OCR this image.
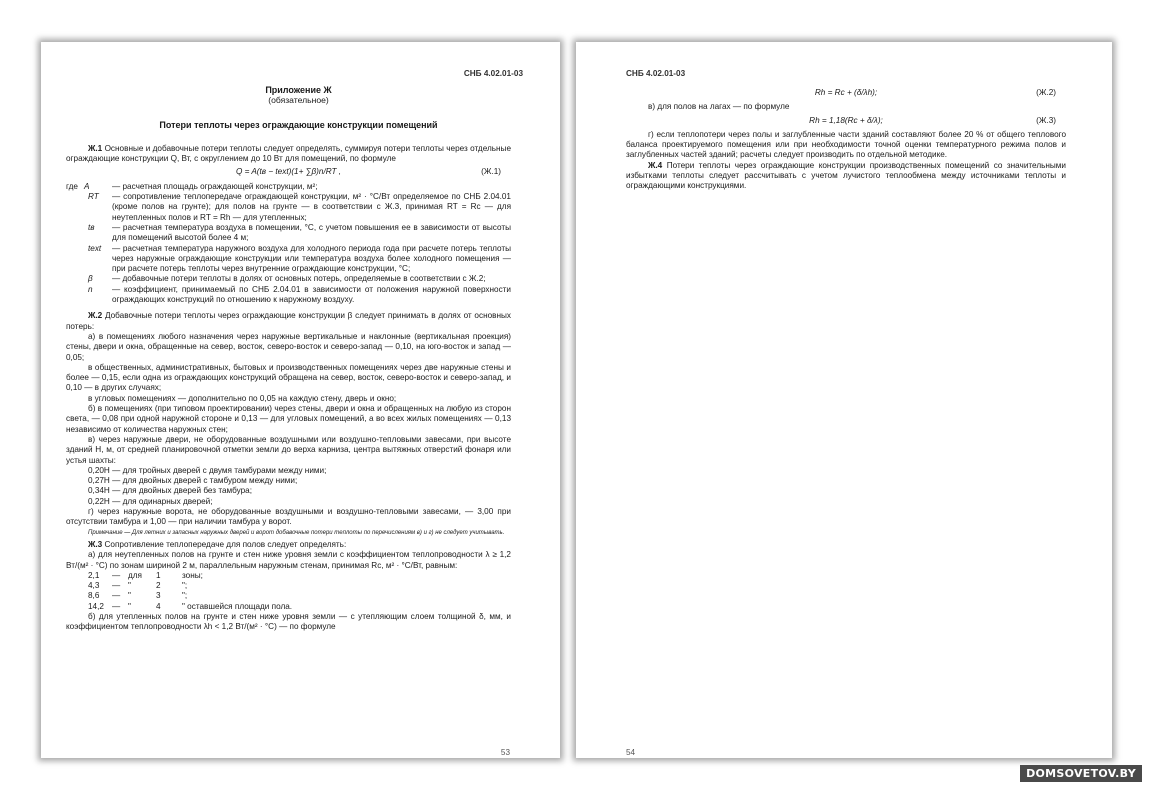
СНБ 4.02.01-03
Приложение Ж
(обязательное)
Потери теплоты через ограждающие конструкции помещений

Ж.1 Основные и добавочные потери теплоты следует определять, суммируя потери теплоты через отдельные ограждающие конструкции Q, Вт, с округлением до 10 Вт для помещений, по формуле

Q = A(tв − text)(1+ ∑β)n/RT ,	(Ж.1)
где A	— расчетная площадь ограждающей конструкции, м²;
RT	— сопротивление теплопередаче ограждающей конструкции, м² · °С/Вт определяемое по СНБ 2.04.01 (кроме полов на грунте); для полов на грунте — в соответствии с Ж.3, принимая RT = Rc — для неутепленных полов и RT = Rh — для утепленных;
tв	— расчетная температура воздуха в помещении, °С, с учетом повышения ее в зависимости от высоты для помещений высотой более 4 м;
text	— расчетная температура наружного воздуха для холодного периода года при расчете потерь теплоты через наружные ограждающие конструкции или температура воздуха более холодного помещения — при расчете потерь теплоты через внутренние ограждающие конструкции, °С;
β	— добавочные потери теплоты в долях от основных потерь, определяемые в соответствии с Ж.2;
n	— коэффициент, принимаемый по СНБ 2.04.01 в зависимости от положения наружной поверхности ограждающих конструкций по отношению к наружному воздуху.

Ж.2 Добавочные потери теплоты через ограждающие конструкции β следует принимать в долях от основных потерь:

а) в помещениях любого назначения через наружные вертикальные и наклонные (вертикальная проекция) стены, двери и окна, обращенные на север, восток, северо-восток и северо-запад — 0,10, на юго-восток и запад — 0,05;

в общественных, административных, бытовых и производственных помещениях через две наружные стены и более — 0,15, если одна из ограждающих конструкций обращена на север, восток, северо-восток и северо-запад, и 0,10 — в других случаях;

в угловых помещениях — дополнительно по 0,05 на каждую стену, дверь и окно;

б) в помещениях (при типовом проектировании) через стены, двери и окна и обращенных на любую из сторон света, — 0,08 при одной наружной стороне и 0,13 — для угловых помещений, а во всех жилых помещениях — 0,13 независимо от количества наружных стен;

в) через наружные двери, не оборудованные воздушными или воздушно-тепловыми завесами, при высоте зданий H, м, от средней планировочной отметки земли до верха карниза, центра вытяжных отверстий фонаря или устья шахты:

0,20H — для тройных дверей с двумя тамбурами между ними;

0,27H — для двойных дверей с тамбуром между ними;

0,34H — для двойных дверей без тамбура;

0,22H — для одинарных дверей;

г) через наружные ворота, не оборудованные воздушными и воздушно-тепловыми завесами, — 3,00 при отсутствии тамбура и 1,00 — при наличии тамбура у ворот.

Примечание — Для летних и запасных наружных дверей и ворот добавочные потери теплоты по перечислениям в) и г) не следует учитывать.

Ж.3 Сопротивление теплопередаче для полов следует определять:

а) для неутепленных полов на грунте и стен ниже уровня земли с коэффициентом теплопроводности λ ≥ 1,2 Вт/(м² · °С) по зонам шириной 2 м, параллельным наружным стенам, принимая Rc, м² · °С/Вт, равным:

2,1	— для	1	зоны;
4,3	— "	2	";
8,6	— "	3	";
14,2 — "	4	" оставшейся площади пола.

б) для утепленных полов на грунте и стен ниже уровня земли — с утепляющим слоем толщиной δ, мм, и коэффициентом теплопроводности λh < 1,2 Вт/(м² · °С) — по формуле

53
СНБ 4.02.01-03
Rh = Rc + (δ/λh);	(Ж.2)

в) для полов на лагах — по формуле

Rh = 1,18(Rc + δ/λ);	(Ж.3)

г) если теплопотери через полы и заглубленные части зданий составляют более 20 % от общего теплового баланса проектируемого помещения или при необходимости точной оценки температурного режима полов и заглубленных частей зданий; расчеты следует производить по отдельной методике.

Ж.4 Потери теплоты через ограждающие конструкции производственных помещений со значительными избытками теплоты следует рассчитывать с учетом лучистого теплообмена между источниками теплоты и ограждающими конструкциями.

54
DOMSOVETOV.BY
